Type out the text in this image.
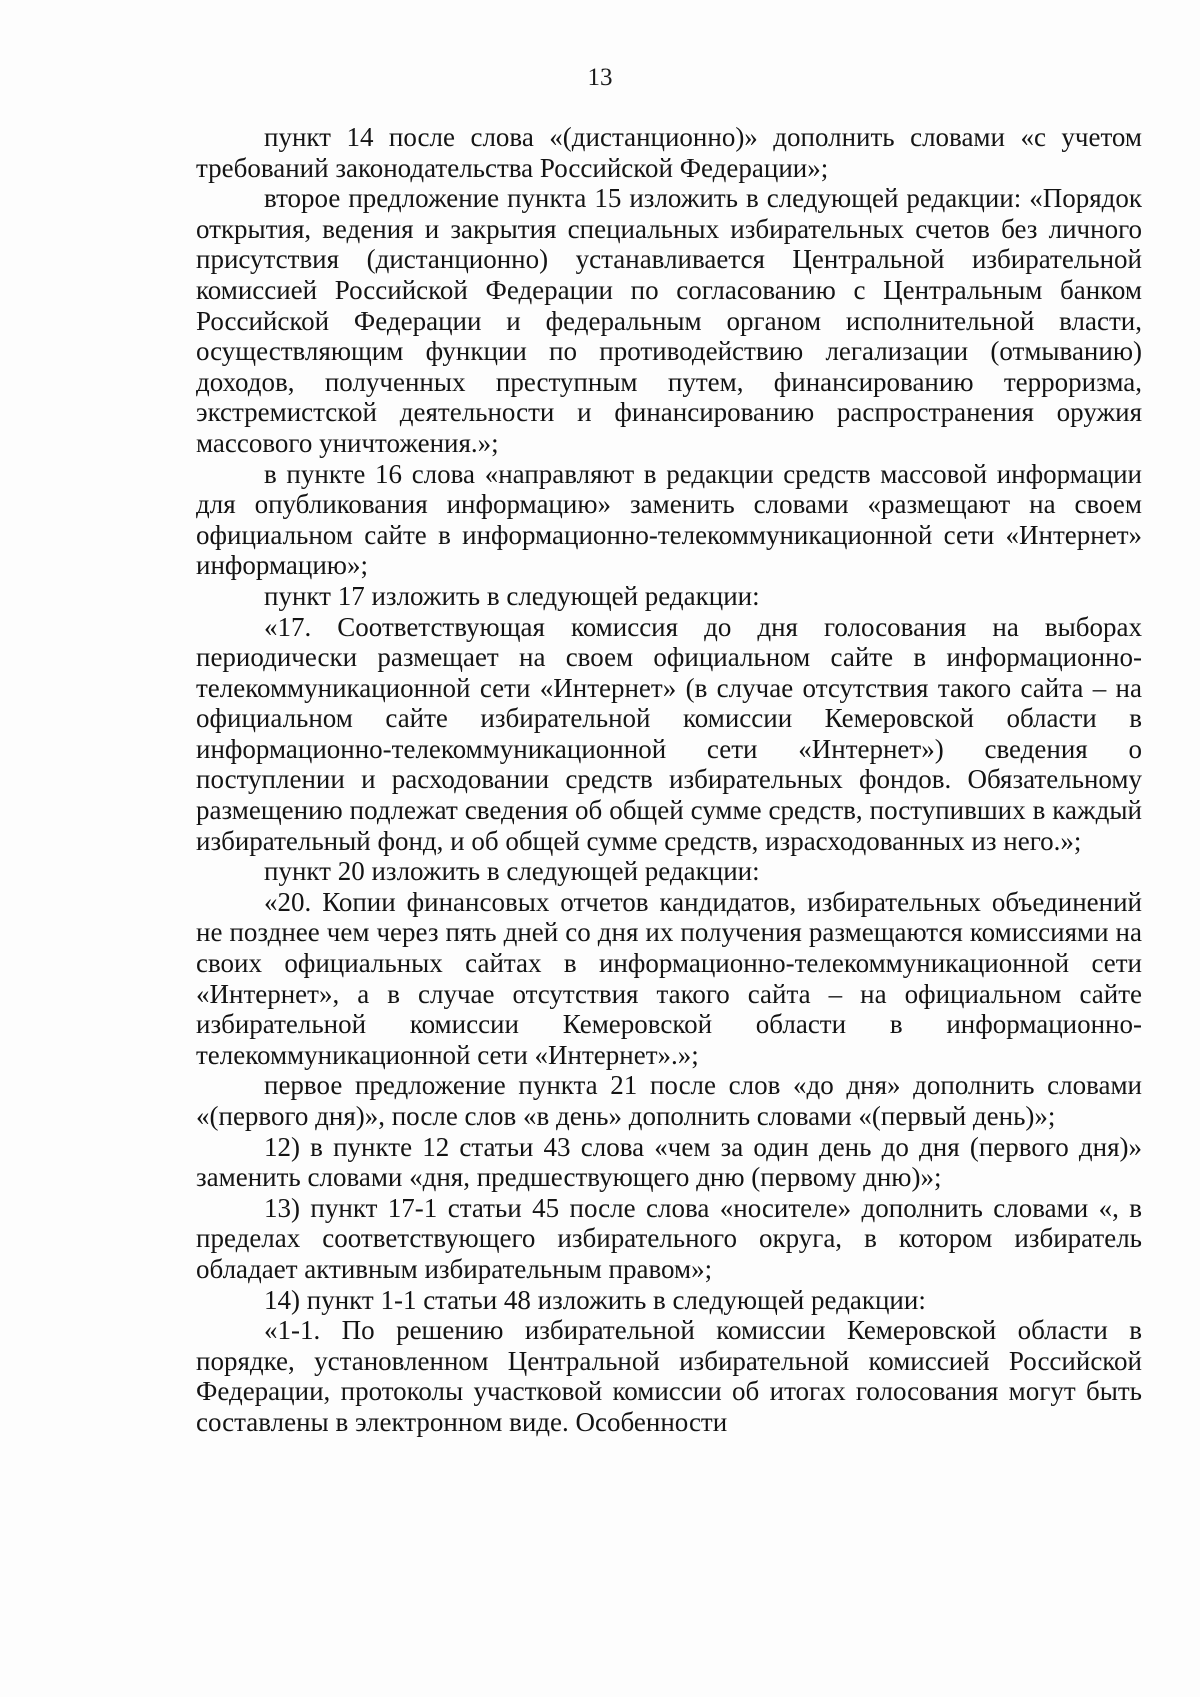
13

пункт 14 после слова «(дистанционно)» дополнить словами «с учетом требований законодательства Российской Федерации»;

второе предложение пункта 15 изложить в следующей редакции: «Порядок открытия, ведения и закрытия специальных избирательных счетов без личного присутствия (дистанционно) устанавливается Центральной избирательной комиссией Российской Федерации по согласованию с Центральным банком Российской Федерации и федеральным органом исполнительной власти, осуществляющим функции по противодействию легализации (отмыванию) доходов, полученных преступным путем, финансированию терроризма, экстремистской деятельности и финансированию распространения оружия массового уничтожения.»;

в пункте 16 слова «направляют в редакции средств массовой информации для опубликования информацию» заменить словами «размещают на своем официальном сайте в информационно-телекоммуникационной сети «Интернет» информацию»;

пункт 17 изложить в следующей редакции:

«17. Соответствующая комиссия до дня голосования на выборах периодически размещает на своем официальном сайте в информационно-телекоммуникационной сети «Интернет» (в случае отсутствия такого сайта – на официальном сайте избирательной комиссии Кемеровской области в информационно-телекоммуникационной сети «Интернет») сведения о поступлении и расходовании средств избирательных фондов. Обязательному размещению подлежат сведения об общей сумме средств, поступивших в каждый избирательный фонд, и об общей сумме средств, израсходованных из него.»;

пункт 20 изложить в следующей редакции:

«20. Копии финансовых отчетов кандидатов, избирательных объединений не позднее чем через пять дней со дня их получения размещаются комиссиями на своих официальных сайтах в информационно-телекоммуникационной сети «Интернет», а в случае отсутствия такого сайта – на официальном сайте избирательной комиссии Кемеровской области в информационно-телекоммуникационной сети «Интернет».»;

первое предложение пункта 21 после слов «до дня» дополнить словами «(первого дня)», после слов «в день» дополнить словами «(первый день)»;

12) в пункте 12 статьи 43 слова «чем за один день до дня (первого дня)» заменить словами «дня, предшествующего дню (первому дню)»;

13) пункт 17-1 статьи 45 после слова «носителе» дополнить словами «, в пределах соответствующего избирательного округа, в котором избиратель обладает активным избирательным правом»;

14) пункт 1-1 статьи 48 изложить в следующей редакции:

«1-1. По решению избирательной комиссии Кемеровской области в порядке, установленном Центральной избирательной комиссией Российской Федерации, протоколы участковой комиссии об итогах голосования могут быть составлены в электронном виде. Особенности
